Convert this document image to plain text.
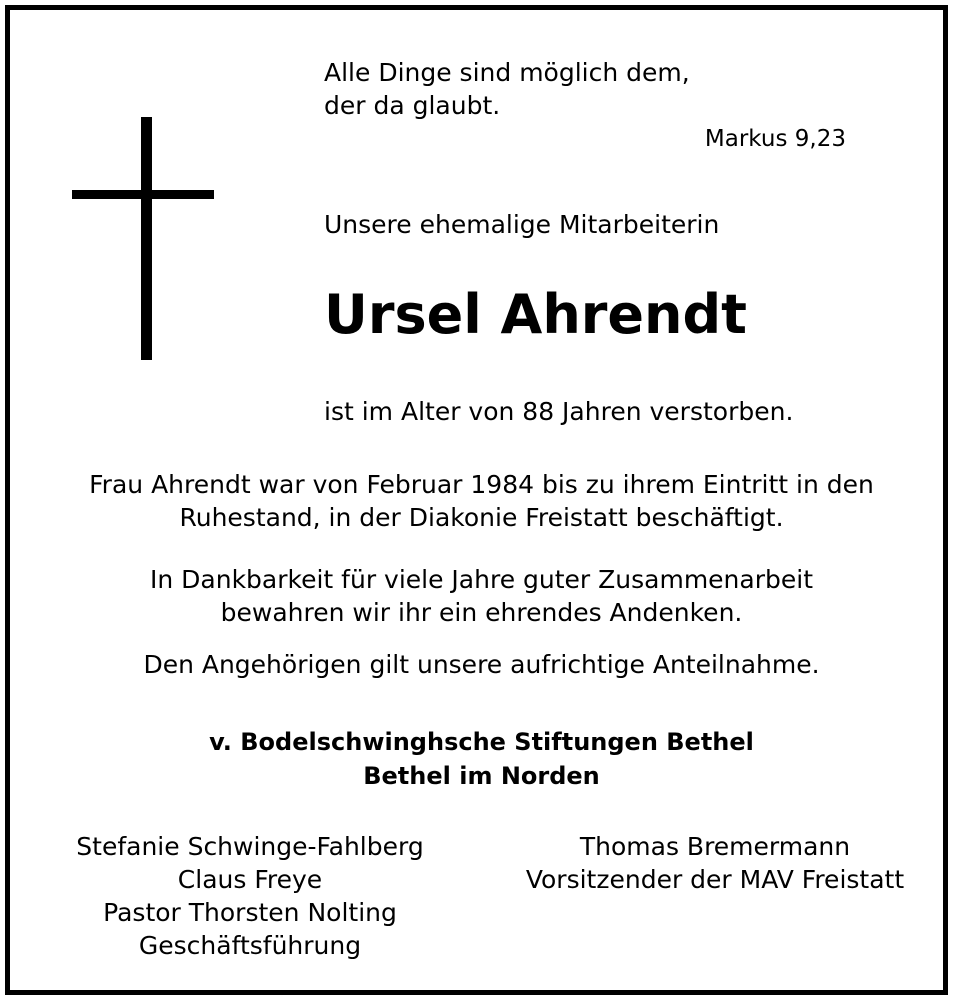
Alle Dinge sind möglich dem,
der da glaubt.
Markus 9,23
Unsere ehemalige Mitarbeiterin
Ursel Ahrendt
ist im Alter von 88 Jahren verstorben.
Frau Ahrendt war von Februar 1984 bis zu ihrem Eintritt in den
Ruhestand, in der Diakonie Freistatt beschäftigt.
In Dankbarkeit für viele Jahre guter Zusammenarbeit
bewahren wir ihr ein ehrendes Andenken.
Den Angehörigen gilt unsere aufrichtige Anteilnahme.
v. Bodelschwinghsche Stiftungen Bethel
Bethel im Norden
Stefanie Schwinge-Fahlberg
Claus Freye
Pastor Thorsten Nolting
Geschäftsführung
Thomas Bremermann
Vorsitzender der MAV Freistatt
